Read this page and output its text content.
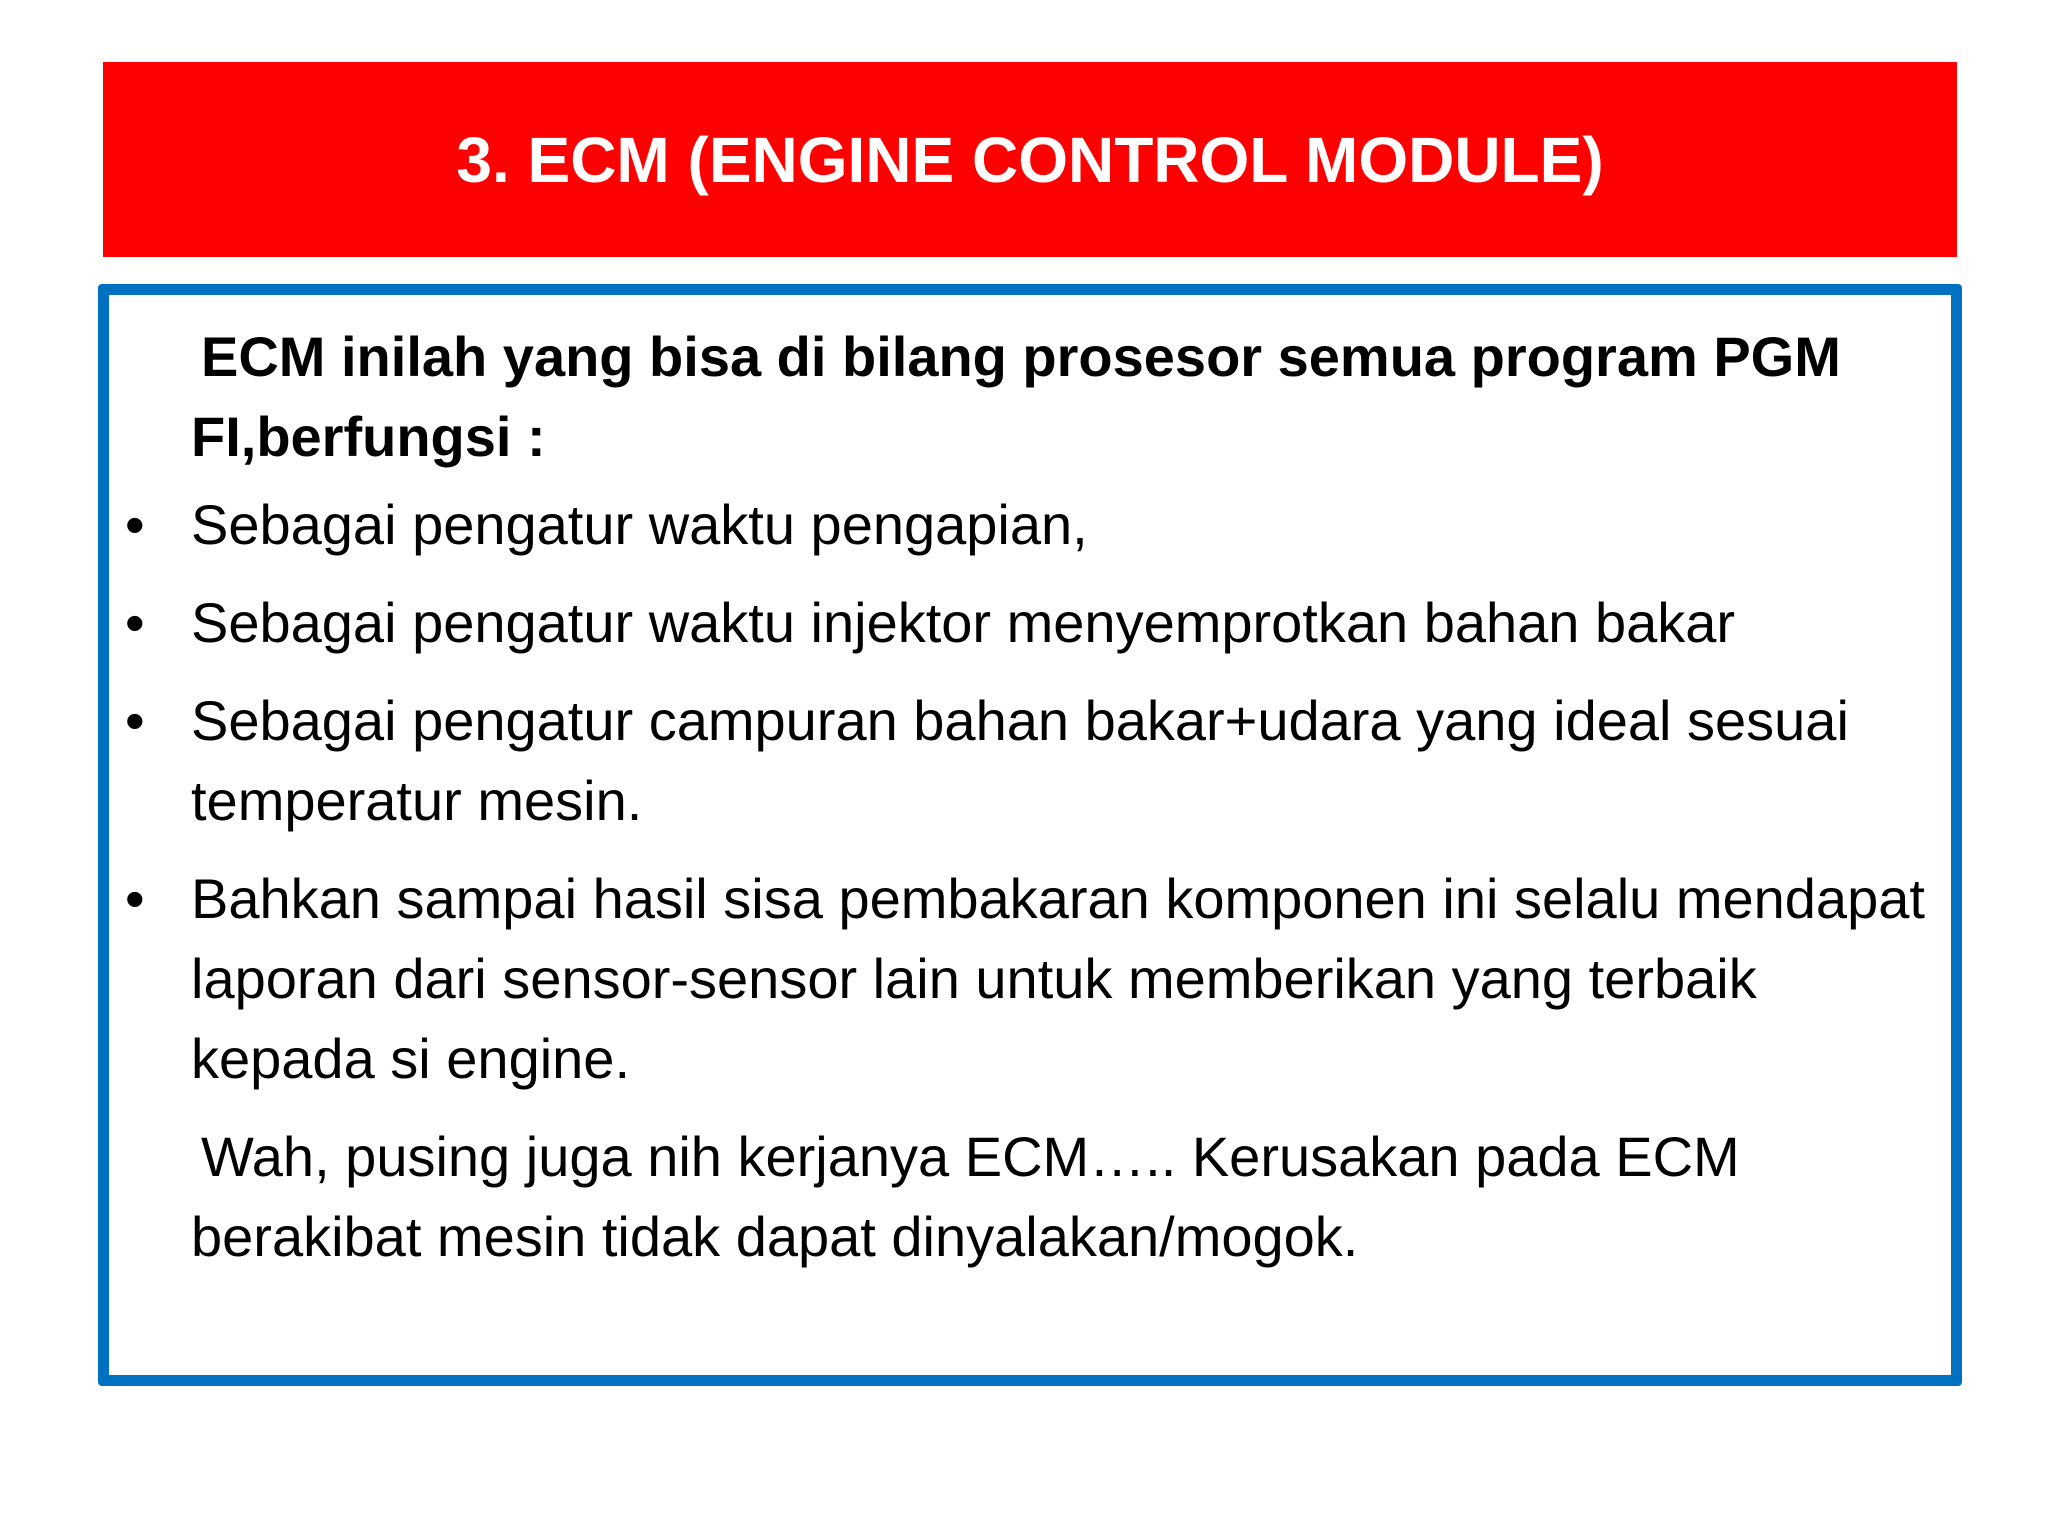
3. ECM (ENGINE CONTROL MODULE)

ECM inilah yang bisa di bilang prosesor semua program PGM FI,berfungsi :

• Sebagai pengatur waktu pengapian,
• Sebagai pengatur waktu injektor menyemprotkan bahan bakar
• Sebagai pengatur campuran bahan bakar+udara yang ideal sesuai temperatur mesin.
• Bahkan sampai hasil sisa pembakaran komponen ini selalu mendapat laporan dari sensor-sensor lain untuk memberikan yang terbaik kepada si engine.

Wah, pusing juga nih kerjanya ECM….. Kerusakan pada ECM berakibat mesin tidak dapat dinyalakan/mogok.
